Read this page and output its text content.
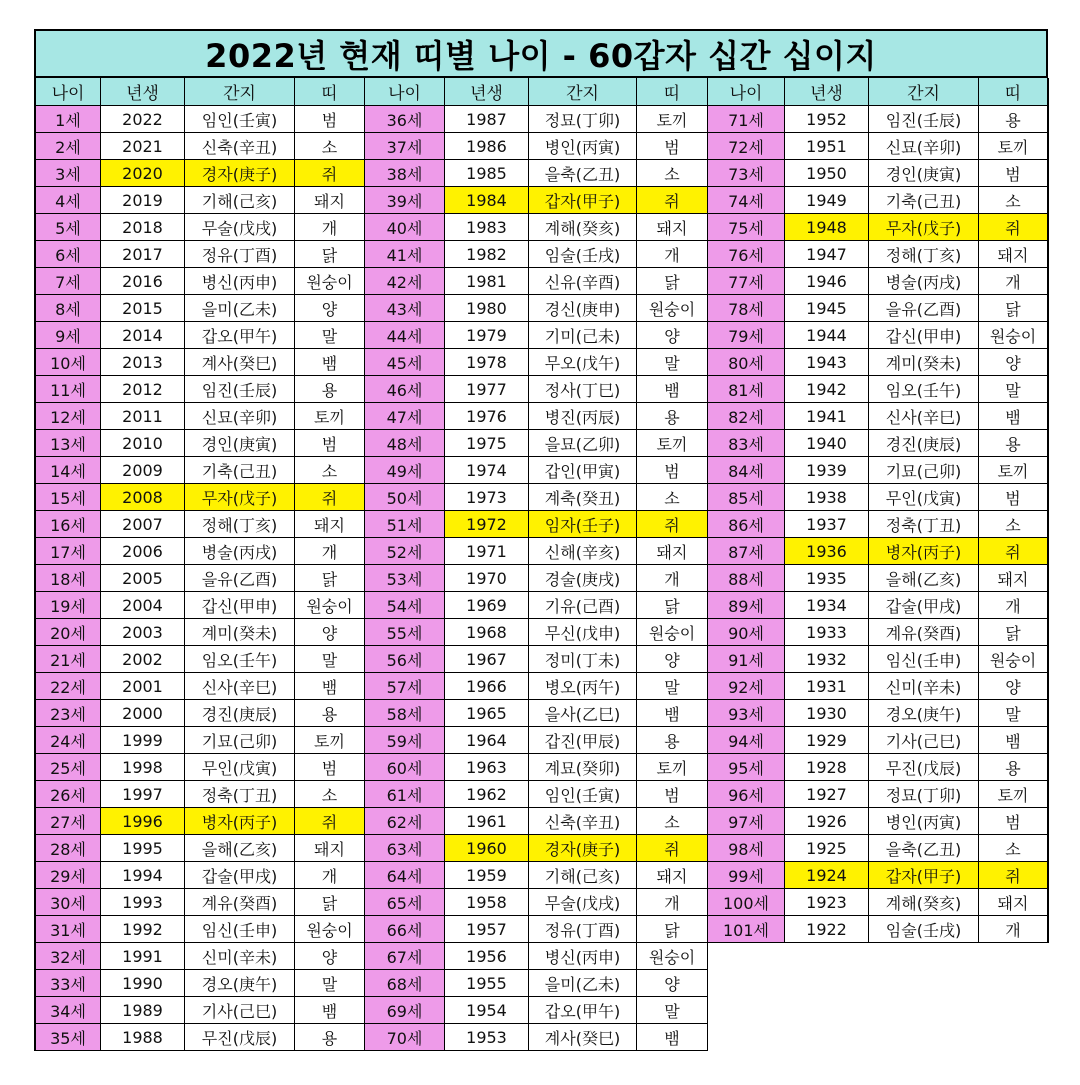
2022년 현재 띠별 나이 - 60갑자 십간 십이지
나이	년생	간지	띠
1세	2022	임인(壬寅)	범
2세	2021	신축(辛丑)	소
3세	2020	경자(庚子)	쥐
4세	2019	기해(己亥)	돼지
5세	2018	무술(戊戌)	개
6세	2017	정유(丁酉)	닭
7세	2016	병신(丙申)	원숭이
8세	2015	을미(乙未)	양
9세	2014	갑오(甲午)	말
10세	2013	계사(癸巳)	뱀
11세	2012	임진(壬辰)	용
12세	2011	신묘(辛卯)	토끼
13세	2010	경인(庚寅)	범
14세	2009	기축(己丑)	소
15세	2008	무자(戊子)	쥐
16세	2007	정해(丁亥)	돼지
17세	2006	병술(丙戌)	개
18세	2005	을유(乙酉)	닭
19세	2004	갑신(甲申)	원숭이
20세	2003	계미(癸未)	양
21세	2002	임오(壬午)	말
22세	2001	신사(辛巳)	뱀
23세	2000	경진(庚辰)	용
24세	1999	기묘(己卯)	토끼
25세	1998	무인(戊寅)	범
26세	1997	정축(丁丑)	소
27세	1996	병자(丙子)	쥐
28세	1995	을해(乙亥)	돼지
29세	1994	갑술(甲戌)	개
30세	1993	계유(癸酉)	닭
31세	1992	임신(壬申)	원숭이
32세	1991	신미(辛未)	양
33세	1990	경오(庚午)	말
34세	1989	기사(己巳)	뱀
35세	1988	무진(戊辰)	용
나이	년생	간지	띠
36세	1987	정묘(丁卯)	토끼
37세	1986	병인(丙寅)	범
38세	1985	을축(乙丑)	소
39세	1984	갑자(甲子)	쥐
40세	1983	계해(癸亥)	돼지
41세	1982	임술(壬戌)	개
42세	1981	신유(辛酉)	닭
43세	1980	경신(庚申)	원숭이
44세	1979	기미(己未)	양
45세	1978	무오(戊午)	말
46세	1977	정사(丁巳)	뱀
47세	1976	병진(丙辰)	용
48세	1975	을묘(乙卯)	토끼
49세	1974	갑인(甲寅)	범
50세	1973	계축(癸丑)	소
51세	1972	임자(壬子)	쥐
52세	1971	신해(辛亥)	돼지
53세	1970	경술(庚戌)	개
54세	1969	기유(己酉)	닭
55세	1968	무신(戊申)	원숭이
56세	1967	정미(丁未)	양
57세	1966	병오(丙午)	말
58세	1965	을사(乙巳)	뱀
59세	1964	갑진(甲辰)	용
60세	1963	계묘(癸卯)	토끼
61세	1962	임인(壬寅)	범
62세	1961	신축(辛丑)	소
63세	1960	경자(庚子)	쥐
64세	1959	기해(己亥)	돼지
65세	1958	무술(戊戌)	개
66세	1957	정유(丁酉)	닭
67세	1956	병신(丙申)	원숭이
68세	1955	을미(乙未)	양
69세	1954	갑오(甲午)	말
70세	1953	계사(癸巳)	뱀
나이	년생	간지	띠
71세	1952	임진(壬辰)	용
72세	1951	신묘(辛卯)	토끼
73세	1950	경인(庚寅)	범
74세	1949	기축(己丑)	소
75세	1948	무자(戊子)	쥐
76세	1947	정해(丁亥)	돼지
77세	1946	병술(丙戌)	개
78세	1945	을유(乙酉)	닭
79세	1944	갑신(甲申)	원숭이
80세	1943	계미(癸未)	양
81세	1942	임오(壬午)	말
82세	1941	신사(辛巳)	뱀
83세	1940	경진(庚辰)	용
84세	1939	기묘(己卯)	토끼
85세	1938	무인(戊寅)	범
86세	1937	정축(丁丑)	소
87세	1936	병자(丙子)	쥐
88세	1935	을해(乙亥)	돼지
89세	1934	갑술(甲戌)	개
90세	1933	계유(癸酉)	닭
91세	1932	임신(壬申)	원숭이
92세	1931	신미(辛未)	양
93세	1930	경오(庚午)	말
94세	1929	기사(己巳)	뱀
95세	1928	무진(戊辰)	용
96세	1927	정묘(丁卯)	토끼
97세	1926	병인(丙寅)	범
98세	1925	을축(乙丑)	소
99세	1924	갑자(甲子)	쥐
100세	1923	계해(癸亥)	돼지
101세	1922	임술(壬戌)	개
